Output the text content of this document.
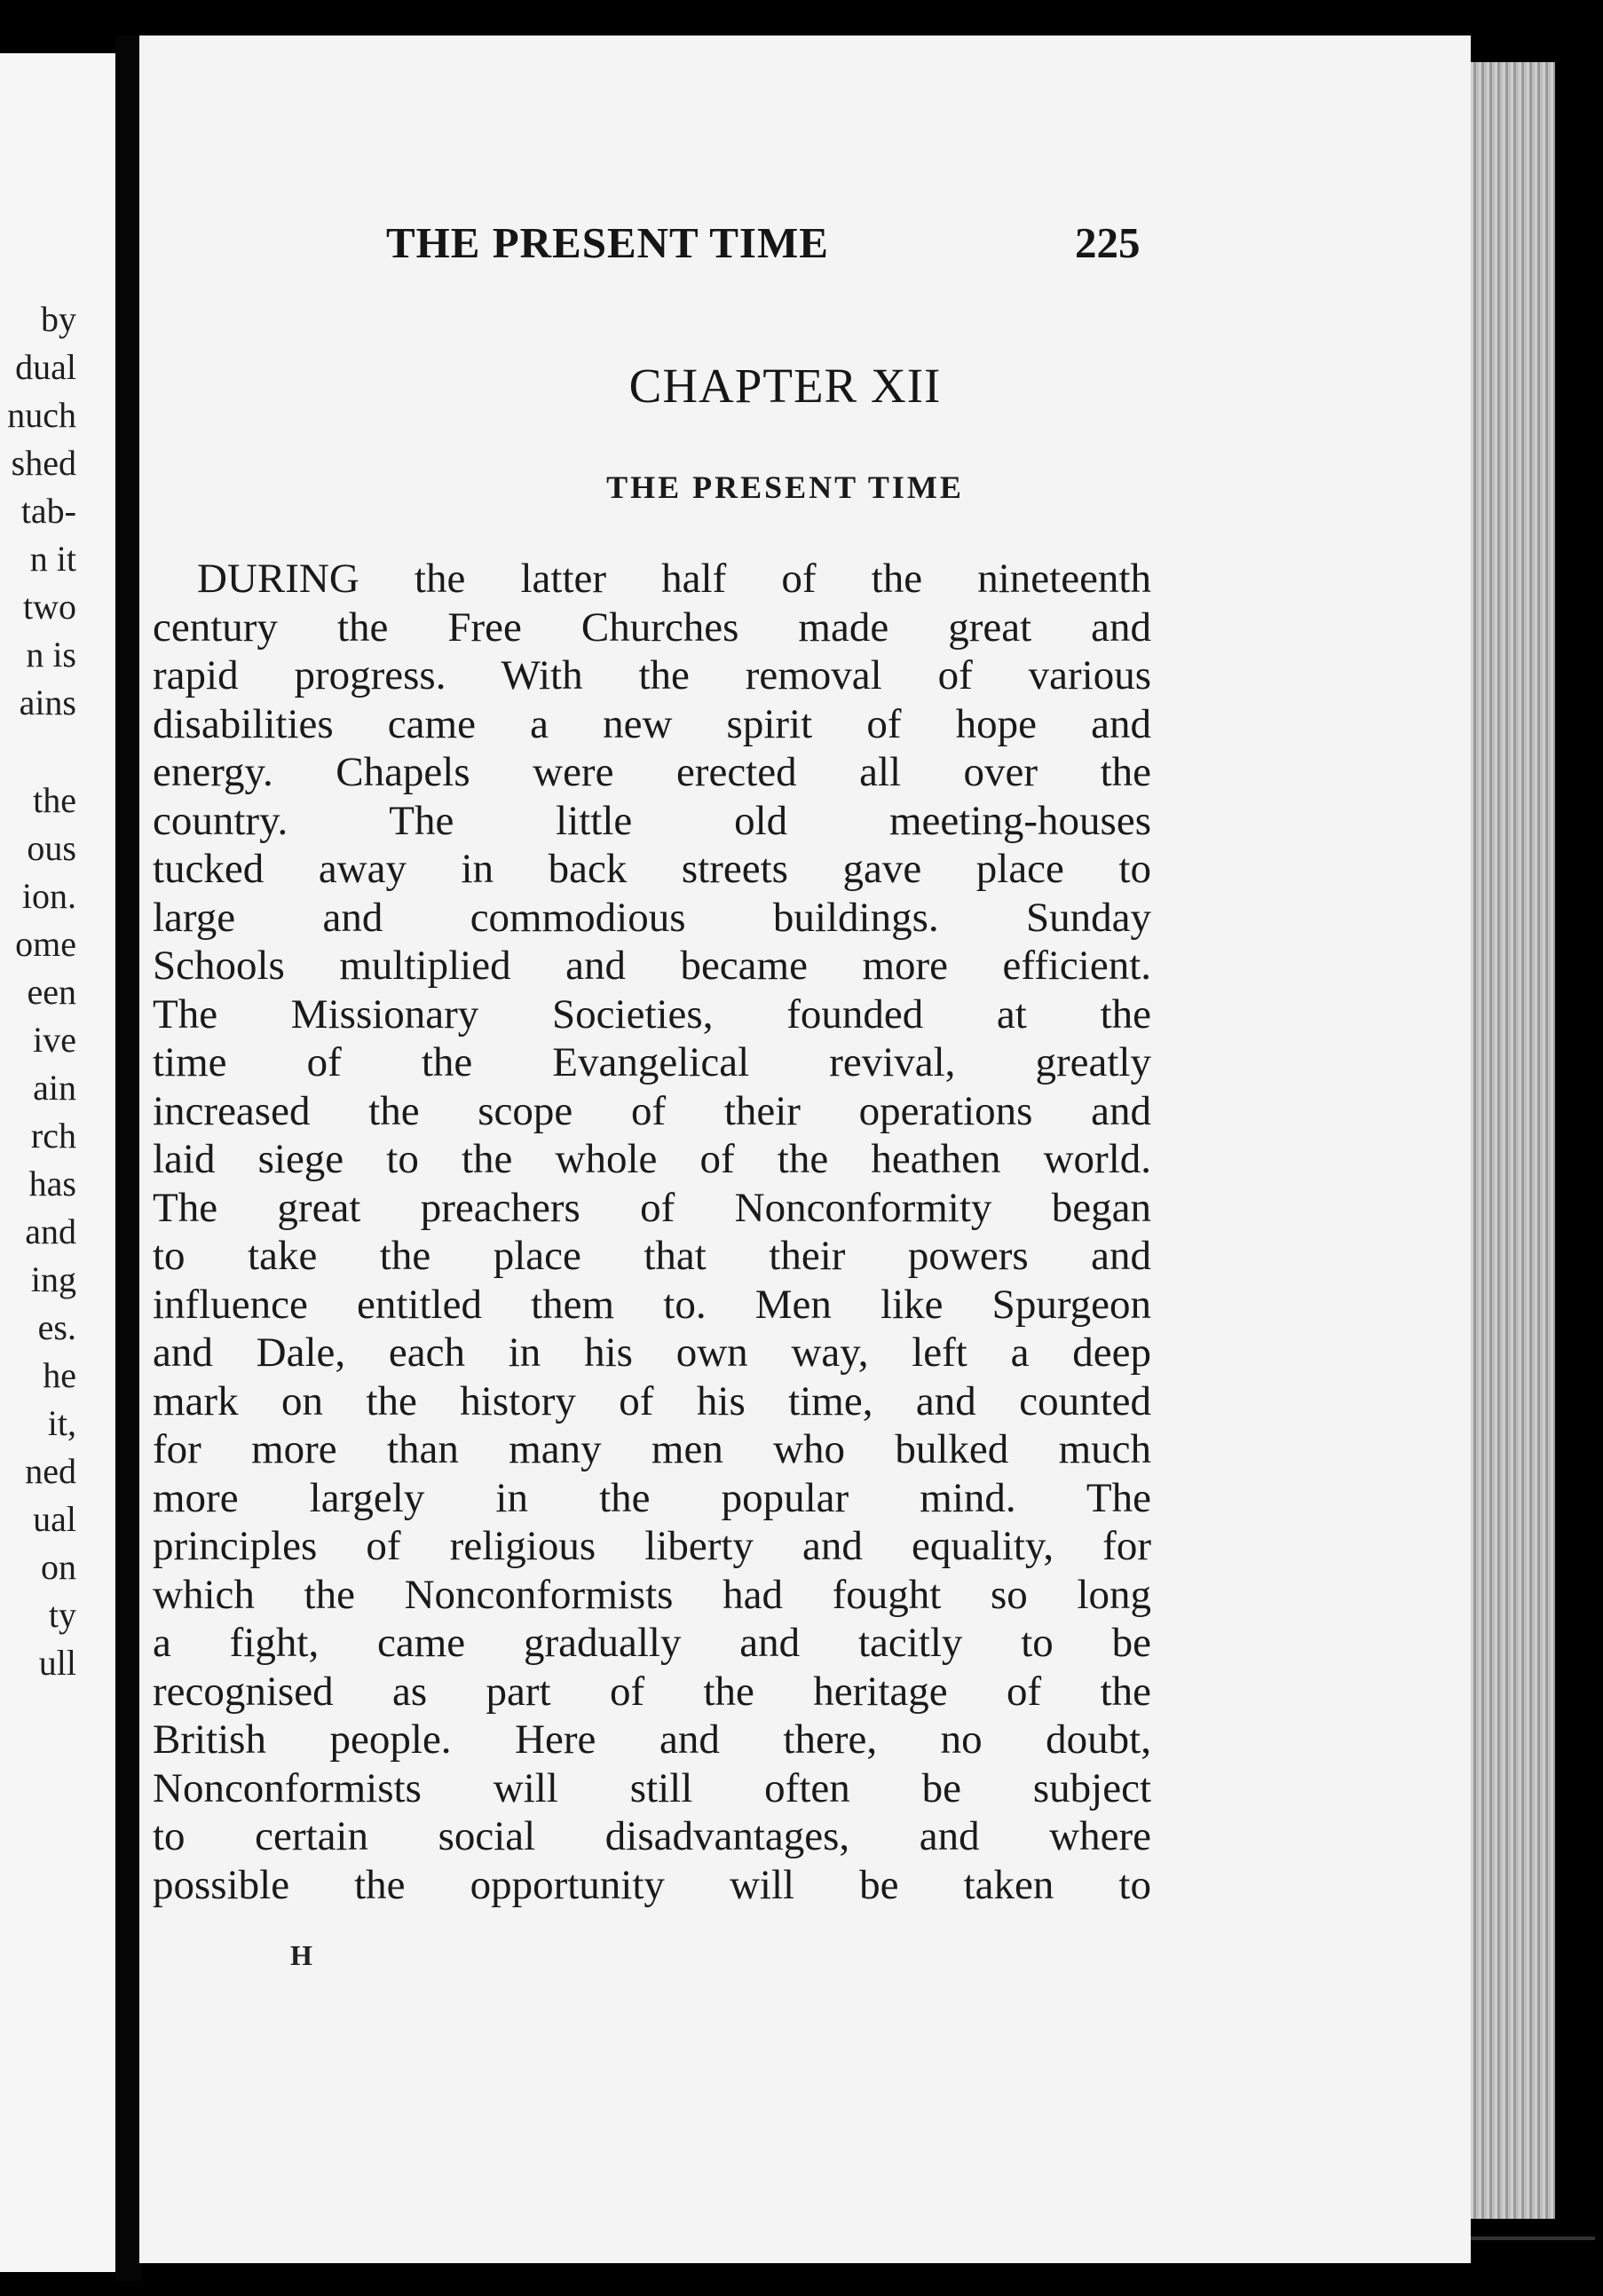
by
dual
nuch
shed
tab-
n it
two
n is
ains
the
ous
ion.
ome
een
ive
ain
rch
has
and
ing
es.
he
it,
ned
ual
on
ty
ull
THE PRESENT TIME	225
CHAPTER XII
THE PRESENT TIME
DURING the latter half of the nineteenth
century the Free Churches made great and
rapid progress. With the removal of various
disabilities came a new spirit of hope and
energy. Chapels were erected all over the
country. The little old meeting-houses
tucked away in back streets gave place to
large and commodious buildings. Sunday
Schools multiplied and became more efficient.
The Missionary Societies, founded at the
time of the Evangelical revival, greatly
increased the scope of their operations and
laid siege to the whole of the heathen world.
The great preachers of Nonconformity began
to take the place that their powers and
influence entitled them to. Men like Spurgeon
and Dale, each in his own way, left a deep
mark on the history of his time, and counted
for more than many men who bulked much
more largely in the popular mind. The
principles of religious liberty and equality, for
which the Nonconformists had fought so long
a fight, came gradually and tacitly to be
recognised as part of the heritage of the
British people. Here and there, no doubt,
Nonconformists will still often be subject
to certain social disadvantages, and where
possible the opportunity will be taken to
H
